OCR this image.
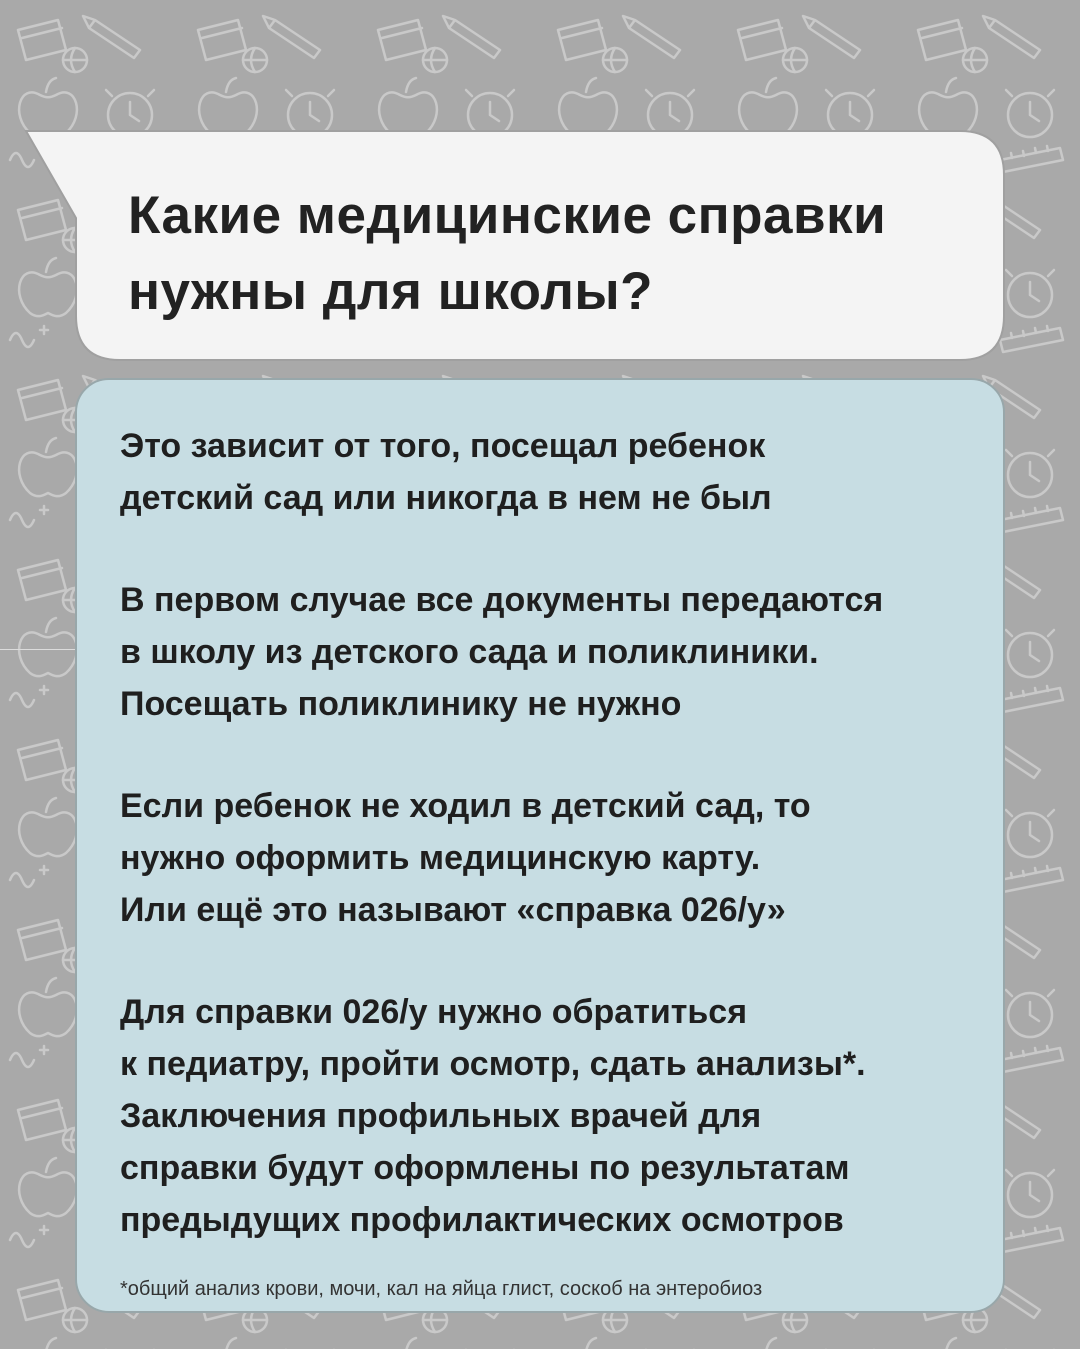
Какие медицинские справки
нужны для школы?

Это зависит от того, посещал ребенок
детский сад или никогда в нем не был

В первом случае все документы передаются
в школу из детского сада и поликлиники.
Посещать поликлинику не нужно

Если ребенок не ходил в детский сад, то
нужно оформить медицинскую карту.
Или ещё это называют «справка 026/у»

Для справки 026/у нужно обратиться
к педиатру, пройти осмотр, сдать анализы*.
Заключения профильных врачей для
справки будут оформлены по результатам
предыдущих профилактических осмотров

*общий анализ крови, мочи, кал на яйца глист, соскоб на энтеробиоз
